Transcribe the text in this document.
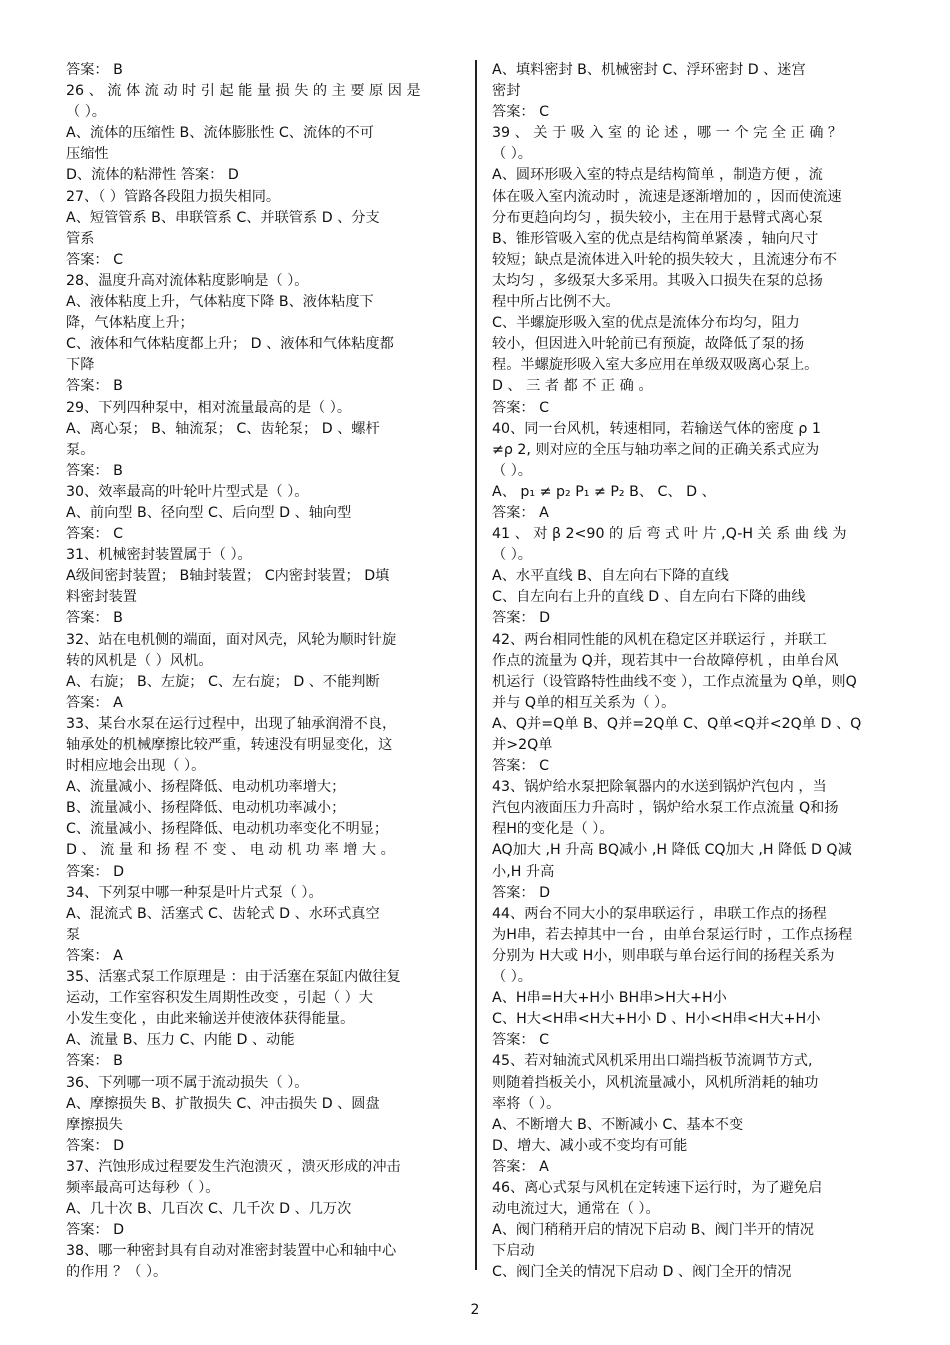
答案： B
26 、 流 体 流 动 时 引 起 能 量 损 失 的 主 要 原 因 是
（ ）。
A、流体的压缩性 B、流体膨胀性 C、流体的不可
压缩性
D、流体的粘滞性 答案： D
27、（ ）管路各段阻力损失相同。
A、短管管系 B、串联管系 C、并联管系 D 、分支
管系
答案： C
28、温度升高对流体粘度影响是（ ）。
A、液体粘度上升，气体粘度下降 B、液体粘度下
降，气体粘度上升；
C、液体和气体粘度都上升； D 、液体和气体粘度都
下降
答案： B
29、下列四种泵中，相对流量最高的是（ ）。
A、离心泵； B、轴流泵； C、齿轮泵； D 、螺杆
泵。
答案： B
30、效率最高的叶轮叶片型式是（ ）。
A、前向型 B、径向型 C、后向型 D 、轴向型
答案： C
31、机械密封装置属于（ ）。
A级间密封装置； B轴封装置； C内密封装置； D填
料密封装置
答案： B
32、站在电机侧的端面，面对风壳，风轮为顺时针旋
转的风机是（ ）风机。
A、右旋； B、左旋； C、左右旋； D 、不能判断
答案： A
33、某台水泵在运行过程中，出现了轴承润滑不良，
轴承处的机械摩擦比较严重，转速没有明显变化，这
时相应地会出现（ ）。
A、流量减小、扬程降低、电动机功率增大；
B、流量减小、扬程降低、电动机功率减小；
C、流量减小、扬程降低、电动机功率变化不明显；
D 、 流 量 和 扬 程 不 变 、 电 动 机 功 率 增 大 。
答案： D
34、下列泵中哪一种泵是叶片式泵（ ）。
A、混流式 B、活塞式 C、齿轮式 D 、水环式真空
泵
答案： A
35、活塞式泵工作原理是 ：由于活塞在泵缸内做往复
运动，工作室容积发生周期性改变 ，引起（ ）大
小发生变化 ，由此来输送并使液体获得能量。
A、流量 B、压力 C、内能 D 、动能
答案： B
36、下列哪一项不属于流动损失（ ）。
A、摩擦损失 B、扩散损失 C、冲击损失 D 、圆盘
摩擦损失
答案： D
37、汽蚀形成过程要发生汽泡溃灭 ，溃灭形成的冲击
频率最高可达每秒（ ）。
A、几十次 B、几百次 C、几千次 D 、几万次
答案： D
38、哪一种密封具有自动对准密封装置中心和轴中心
的作用 ？（ ）。
A、填料密封 B、机械密封 C、浮环密封 D 、迷宫
密封
答案： C
39 、 关 于 吸 入 室 的 论 述 ，哪 一 个 完 全 正 确 ？
（ ）。
A、圆环形吸入室的特点是结构简单 ，制造方便 ，流
体在吸入室内流动时 ，流速是逐渐增加的 ，因而使流速
分布更趋向均匀 ，损失较小，主在用于悬臂式离心泵
B、锥形管吸入室的优点是结构简单紧凑 ，轴向尺寸
较短；缺点是流体进入叶轮的损失较大 ，且流速分布不
太均匀 ，多级泵大多采用。其吸入口损失在泵的总扬
程中所占比例不大。
C、半螺旋形吸入室的优点是流体分布均匀，阻力
较小，但因进入叶轮前已有预旋，故降低了泵的扬
程。半螺旋形吸入室大多应用在单级双吸离心泵上。
D 、 三 者 都 不 正 确 。
答案： C
40、同一台风机，转速相同，若输送气体的密度 ρ 1
≠ρ 2, 则对应的全压与轴功率之间的正确关系式应为
（ ）。
A、 p₁ ≠ p₂ P₁ ≠ P₂ B、 C、 D 、
答案： A
41 、 对 β 2<90 的 后 弯 式 叶 片 ,Q-H 关 系 曲 线 为
（ ）。
A、水平直线 B、自左向右下降的直线
C、自左向右上升的直线 D 、自左向右下降的曲线
答案： D
42、两台相同性能的风机在稳定区并联运行 ，并联工
作点的流量为 Q并，现若其中一台故障停机 ，由单台风
机运行（设管路特性曲线不变 ），工作点流量为 Q单，则Q
并与 Q单的相互关系为（ ）。
A、Q并=Q单 B、Q并=2Q单 C、Q单<Q并<2Q单 D 、Q
并>2Q单
答案： C
43、锅炉给水泵把除氧器内的水送到锅炉汽包内 ，当
汽包内液面压力升高时 ，锅炉给水泵工作点流量 Q和扬
程H的变化是（ ）。
AQ加大 ,H 升高 BQ减小 ,H 降低 CQ加大 ,H 降低 D Q减
小,H 升高
答案： D
44、两台不同大小的泵串联运行 ，串联工作点的扬程
为H串，若去掉其中一台 ，由单台泵运行时 ，工作点扬程
分别为 H大或 H小，则串联与单台运行间的扬程关系为
（ ）。
A、H串=H大+H小 BH串>H大+H小
C、H大<H串<H大+H小 D 、H小<H串<H大+H小
答案： C
45、若对轴流式风机采用出口端挡板节流调节方式,
则随着挡板关小，风机流量减小，风机所消耗的轴功
率将（ ）。
A、不断增大 B、不断减小 C、基本不变
D、增大、减小或不变均有可能
答案： A
46、离心式泵与风机在定转速下运行时，为了避免启
动电流过大，通常在（ ）。
A、阀门稍稍开启的情况下启动 B、阀门半开的情况
下启动
C、阀门全关的情况下启动 D 、阀门全开的情况
2
